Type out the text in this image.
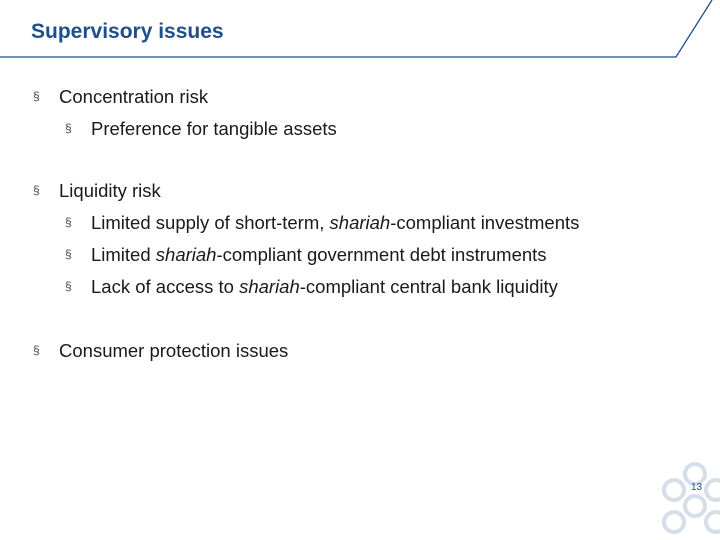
Supervisory issues
§	Concentration risk
§	Preference for tangible assets
§	Liquidity risk
§	Limited supply of short-term, shariah-compliant investments
§	Limited shariah-compliant government debt instruments
§	Lack of access to shariah-compliant central bank liquidity
§	Consumer protection issues
13
